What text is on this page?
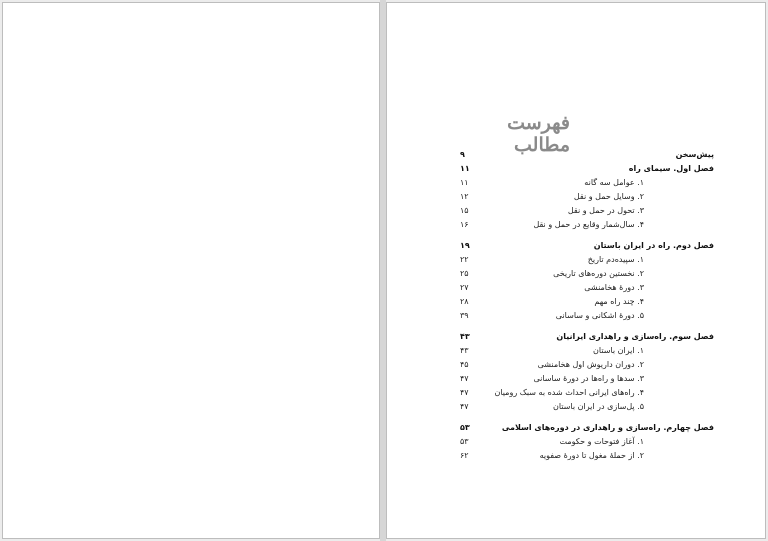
فهرست مطالب	پیش‌سخن
۹
فصل اول. سیمای راه
۱۱
۱. عوامل سه گانه
۱۱
۲. وسایل حمل و نقل
۱۲
۳. تحول در حمل و نقل
۱۵
۴. سال‌شمار وقایع در حمل و نقل
۱۶
فصل دوم. راه در ایران باستان
۱۹
۱. سپیده‌دم تاریخ
۲۲
۲. نخستین دوره‌های تاریخی
۲۵
۳. دورهٔ هخامنشی
۲۷
۴. چند راه مهم
۲۸
۵. دورهٔ اشکانی و ساسانی
۳۹
فصل سوم. راه‌سازی و راهداری ایرانیان
۴۳
۱. ایران باستان
۴۳
۲. دوران داریوش اول هخامنشی
۴۵
۳. سدها و راه‌ها در دورهٔ ساسانی
۴۷
۴. راه‌های ایرانی احداث شده به سبک رومیان
۴۷
۵. پل‌سازی در ایران باستان
۴۷
فصل چهارم. راه‌سازی و راهداری در دوره‌های اسلامی
۵۳
۱. آغاز فتوحات و حکومت
۵۳
۲. از حملهٔ مغول تا دورهٔ صفویه
۶۲
